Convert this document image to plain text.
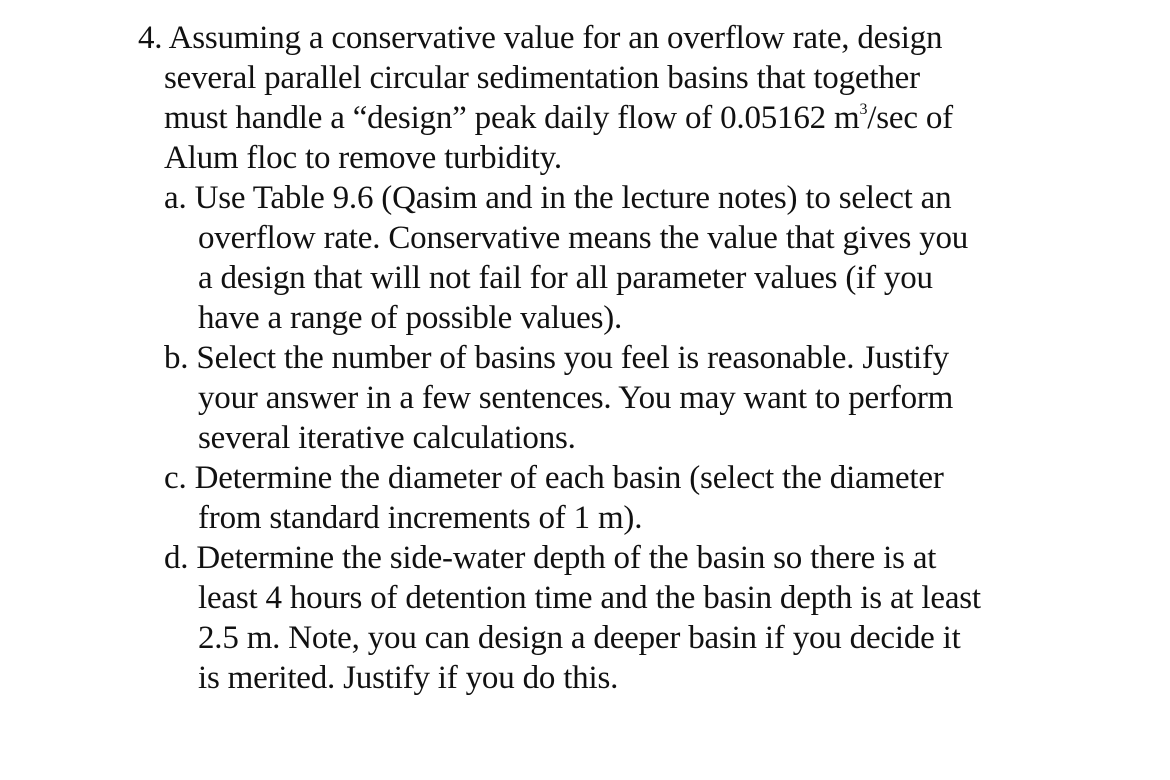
4. Assuming a conservative value for an overflow rate, design
several parallel circular sedimentation basins that together
must handle a “design” peak daily flow of 0.05162 $m^3/\sec$ of
Alum floc to remove turbidity.
a. Use Table 9.6 (Qasim and in the lecture notes) to select an
overflow rate. Conservative means the value that gives you
a design that will not fail for all parameter values (if you
have a range of possible values).
b. Select the number of basins you feel is reasonable. Justify
your answer in a few sentences. You may want to perform
several iterative calculations.
c. Determine the diameter of each basin (select the diameter
from standard increments of 1 m).
d. Determine the side-water depth of the basin so there is at
least 4 hours of detention time and the basin depth is at least
2.5 m. Note, you can design a deeper basin if you decide it
is merited. Justify if you do this.
